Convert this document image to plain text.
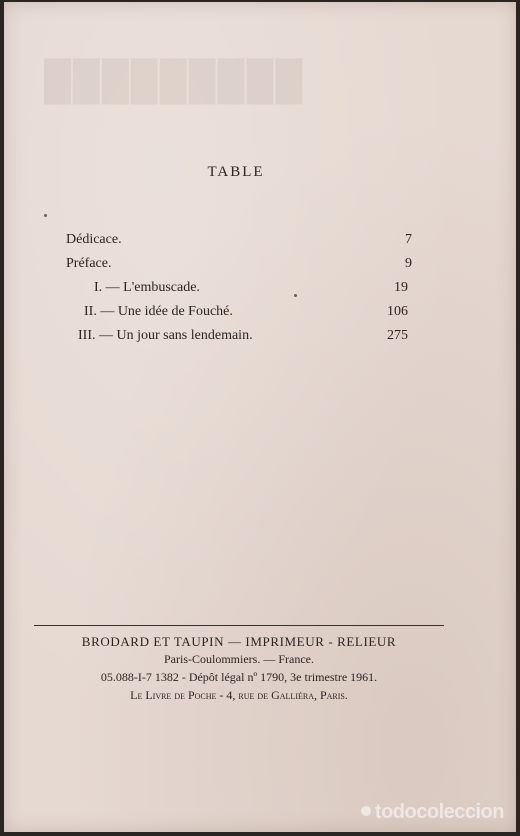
█████████
TABLE
Dédicace.	7
Préface.	9
I. — L'embuscade.	19
II. — Une idée de Fouché.	106
III. — Un jour sans lendemain.	275
BRODARD ET TAUPIN — IMPRIMEUR - RELIEUR
Paris-Coulommiers. — France.
05.088-I-7 1382 - Dépôt légal nº 1790, 3e trimestre 1961.
Le Livre de Poche - 4, rue de Galliéra, Paris.
todocoleccion
